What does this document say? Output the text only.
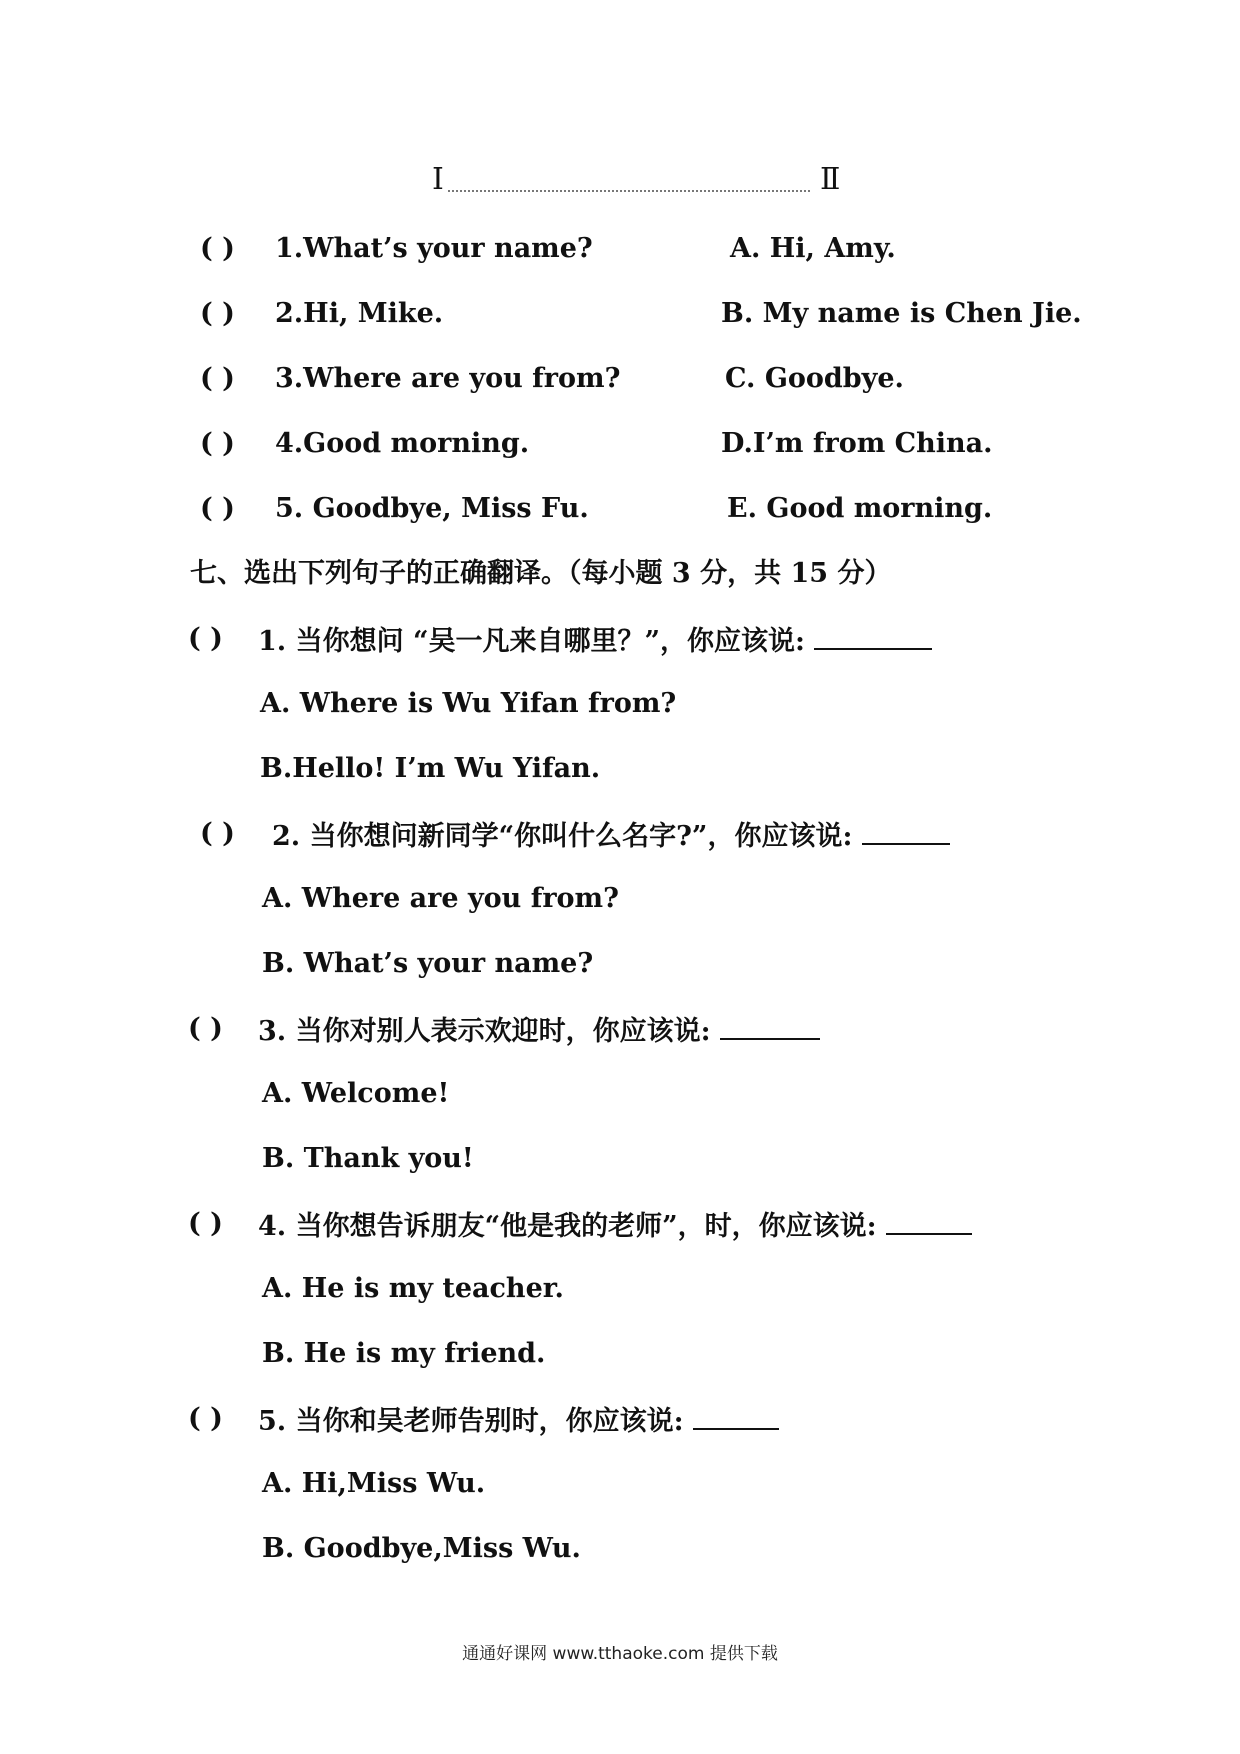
Ⅰ	Ⅱ
( ) 1.What’s your name?	A. Hi, Amy.
( ) 2.Hi, Mike.	B. My name is Chen Jie.
( ) 3.Where are you from?	C. Goodbye.
( ) 4.Good morning.	D.I’m from China.
( ) 5. Goodbye, Miss Fu.	E. Good morning.
七、选出下列句子的正确翻译。（每小题 3 分，共 15 分）
( ) 1. 当你想问 “吴一凡来自哪里？”，你应该说:
A. Where is Wu Yifan from?
B.Hello! I’m Wu Yifan.
( ) 2. 当你想问新同学“你叫什么名字?”，你应该说:
A. Where are you from?
B. What’s your name?
( ) 3. 当你对别人表示欢迎时，你应该说:
A. Welcome!
B. Thank you!
( ) 4. 当你想告诉朋友“他是我的老师”，时，你应该说:
A. He is my teacher.
B. He is my friend.
( ) 5. 当你和吴老师告别时，你应该说:
A. Hi,Miss Wu.
B. Goodbye,Miss Wu.
通通好课网 www.tthaoke.com 提供下载
